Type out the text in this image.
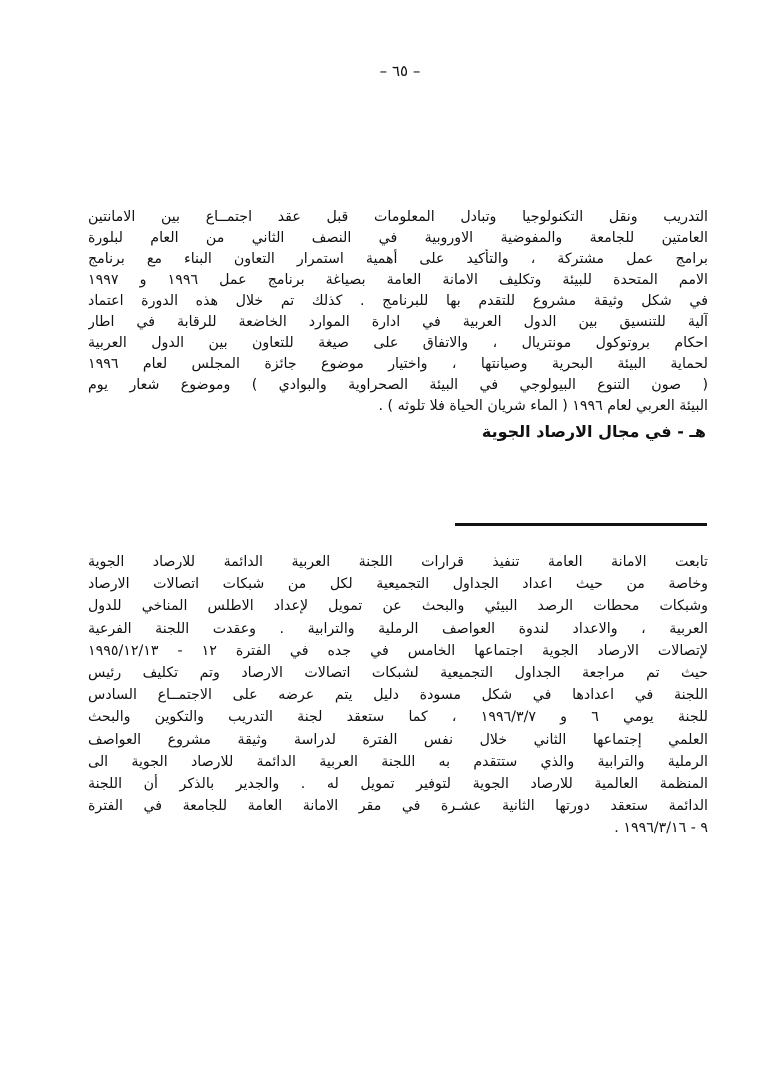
– ٦٥ –
التدريب ونقل التكنولوجيا وتبادل المعلومات قبل عقد اجتمــاع بين الامانتين
العامتين للجامعة والمفوضية الاوروبية في النصف الثاني من العام لبلورة
برامج عمل مشتركة ، والتأكيد على أهمية استمرار التعاون البناء مع برنامج
الامم المتحدة للبيئة وتكليف الامانة العامة بصياغة برنامج عمل ١٩٩٦ و ١٩٩٧
في شكل وثيقة مشروع للتقدم بها للبرنامج . كذلك تم خلال هذه الدورة اعتماد
آلية للتنسيق بين الدول العربية في ادارة الموارد الخاضعة للرقابة في اطار
احكام بروتوكول مونتريال ، والاتفاق على صيغة للتعاون بين الدول العربية
لحماية البيئة البحرية وصيانتها ، واختيار موضوع جائزة المجلس لعام ١٩٩٦
( صون التنوع البيولوجي في البيئة الصحراوية والبوادي ) وموضوع شعار يوم
البيئة العربي لعام ١٩٩٦ ( الماء شريان الحياة فلا تلوثه ) .
هـ - في مجال الارصاد الجوية
تابعت الامانة العامة تنفيذ قرارات اللجنة العربية الدائمة للارصاد الجوية
وخاصة من حيث اعداد الجداول التجميعية لكل من شبكات اتصالات الارصاد
وشبكات محطات الرصد البيئي والبحث عن تمويل لإعداد الاطلس المناخي للدول
العربية ، والاعداد لندوة العواصف الرملية والترابية . وعقدت اللجنة الفرعية
لإتصالات الارصاد الجوية اجتماعها الخامس في جده في الفترة ١٢ - ١٩٩٥/١٢/١٣
حيث تم مراجعة الجداول التجميعية لشبكات اتصالات الارصاد وتم تكليف رئيس
اللجنة في اعدادها في شكل مسودة دليل يتم عرضه على الاجتمــاع السادس
للجنة يومي ٦ و ١٩٩٦/٣/٧ ، كما ستعقد لجنة التدريب والتكوين والبحث
العلمي إجتماعها الثاني خلال نفس الفترة لدراسة وثيقة مشروع العواصف
الرملية والترابية والذي ستتقدم به اللجنة العربية الدائمة للارصاد الجوية الى
المنظمة العالمية للارصاد الجوية لتوفير تمويل له . والجدير بالذكر أن اللجنة
الدائمة ستعقد دورتها الثانية عشـرة في مقر الامانة العامة للجامعة في الفترة
٩ - ١٩٩٦/٣/١٦ .
